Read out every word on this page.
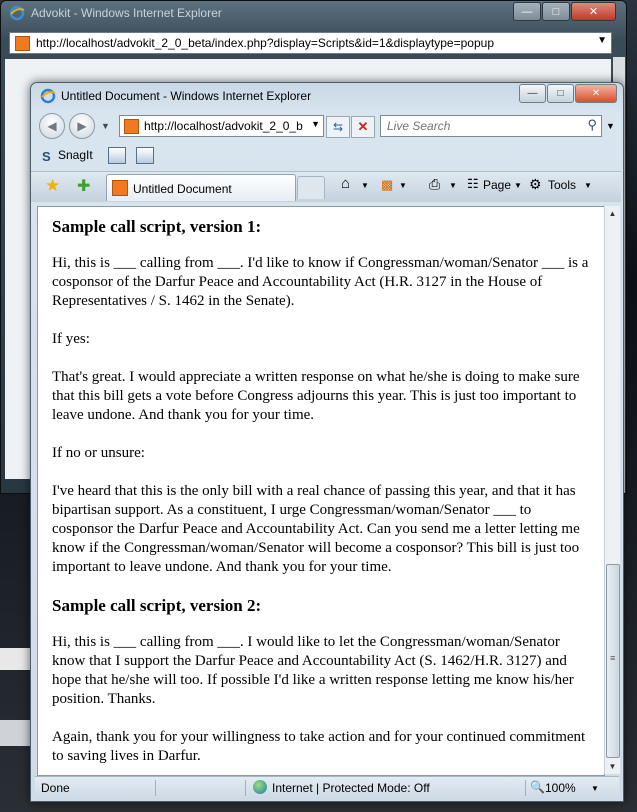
Advokit - Windows Internet Explorer	—	□	✕
http://localhost/advokit_2_0_beta/index.php?display=Scripts&id=1&displaytype=popup	▼
Untitled Document - Windows Internet Explorer	—	□	✕
◀ ▶ ▼	http://localhost/advokit_2_0_b ▼ ⇆ ✕
Live Search	⚲ ▼
S SnagIt
★ ✚	Untitled Document	⌂ ▼ ▩ ▼ ⎙ ▼ ☷ Page ▼ ⚙ Tools ▼
Sample call script, version 1:

Hi, this is ___ calling from ___. I'd like to know if Congressman/woman/Senator ___ is a cosponsor of the Darfur Peace and Accountability Act (H.R. 3127 in the House of Representatives / S. 1462 in the Senate).

If yes:

That's great. I would appreciate a written response on what he/she is doing to make sure that this bill gets a vote before Congress adjourns this year. This is just too important to leave undone. And thank you for your time.

If no or unsure:

I've heard that this is the only bill with a real chance of passing this year, and that it has bipartisan support. As a constituent, I urge Congressman/woman/Senator ___ to cosponsor the Darfur Peace and Accountability Act. Can you send me a letter letting me know if the Congressman/woman/Senator will become a cosponsor? This bill is just too important to leave undone. And thank you for your time.

Sample call script, version 2:

Hi, this is ___ calling from ___. I would like to let the Congressman/woman/Senator know that I support the Darfur Peace and Accountability Act (S. 1462/H.R. 3127) and hope that he/she will too. If possible I'd like a written response letting me know his/her position. Thanks.

Again, thank you for your willingness to take action and for your continued commitment to saving lives in Darfur.

▲
≡
▼
Done	Internet | Protected Mode: Off	🔍 100% ▼
